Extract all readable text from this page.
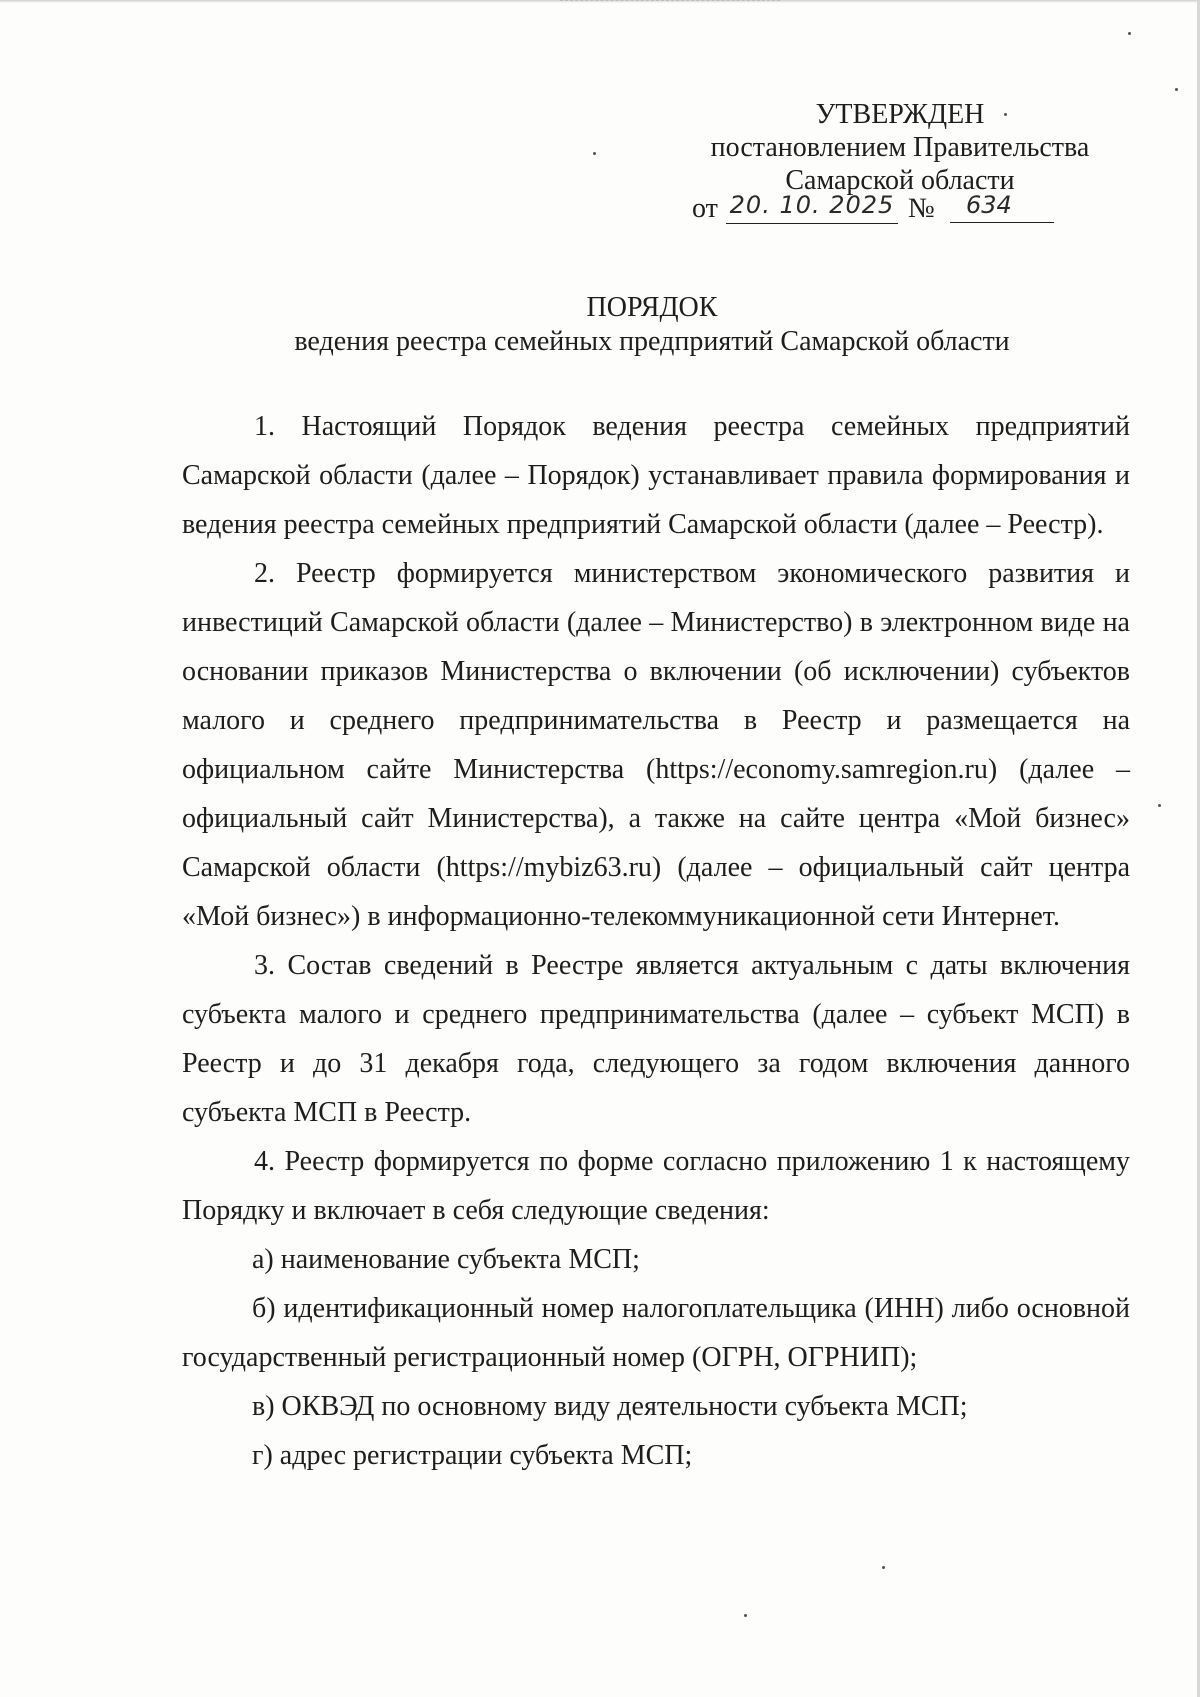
УТВЕРЖДЕН
постановлением Правительства
Самарской области
от 20. 10. 2025 №	634
ПОРЯДОК
ведения реестра семейных предприятий Самарской области

1. Настоящий Порядок ведения реестра семейных предприятий Самарской области (далее – Порядок) устанавливает правила формирования и ведения реестра семейных предприятий Самарской области (далее – Реестр).

2. Реестр формируется министерством экономического развития и инвестиций Самарской области (далее – Министерство) в электронном виде на основании приказов Министерства о включении (об исключении) субъектов малого и среднего предпринимательства в Реестр и размещается на официальном сайте Министерства (https://economy.samregion.ru) (далее – официальный сайт Министерства), а также на сайте центра «Мой бизнес» Самарской области (https://mybiz63.ru) (далее – официальный сайт центра «Мой бизнес») в информационно-телекоммуникационной сети Интернет.

3. Состав сведений в Реестре является актуальным с даты включения субъекта малого и среднего предпринимательства (далее – субъект МСП) в Реестр и до 31 декабря года, следующего за годом включения данного субъекта МСП в Реестр.

4. Реестр формируется по форме согласно приложению 1 к настоящему Порядку и включает в себя следующие сведения:

а) наименование субъекта МСП;

б) идентификационный номер налогоплательщика (ИНН) либо основной государственный регистрационный номер (ОГРН, ОГРНИП);

в) ОКВЭД по основному виду деятельности субъекта МСП;

г) адрес регистрации субъекта МСП;
